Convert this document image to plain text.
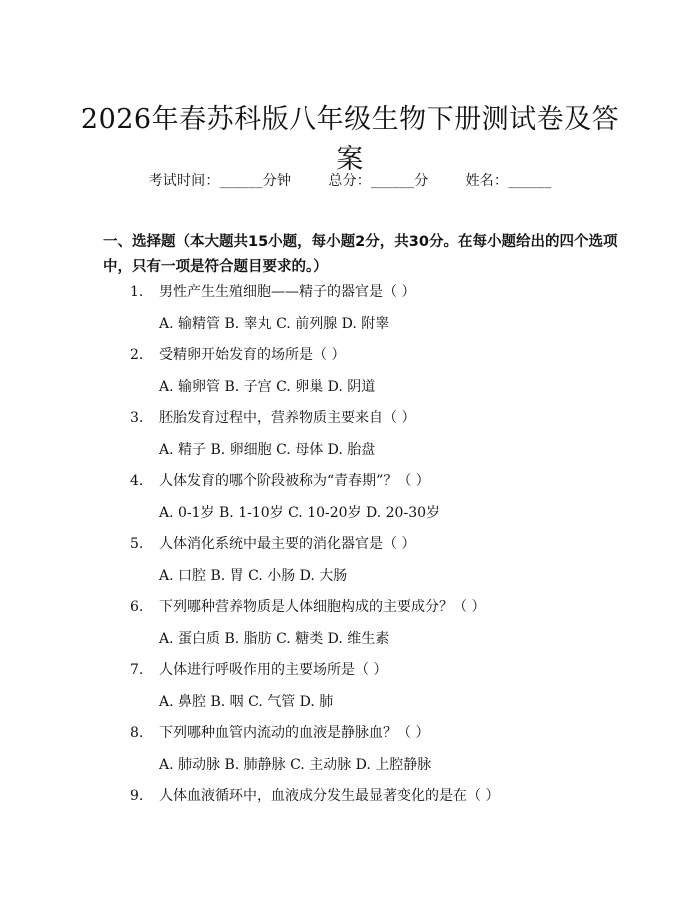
2026年春苏科版八年级生物下册测试卷及答案
考试时间：______分钟	总分：______分	姓名：______
一、选择题（本大题共15小题，每小题2分，共30分。在每小题给出的四个选项中，只有一项是符合题目要求的。）
1. 男性产生生殖细胞——精子的器官是（ ）
A. 输精管 B. 睾丸 C. 前列腺 D. 附睾
2. 受精卵开始发育的场所是（ ）
A. 输卵管 B. 子宫 C. 卵巢 D. 阴道
3. 胚胎发育过程中，营养物质主要来自（ ）
A. 精子 B. 卵细胞 C. 母体 D. 胎盘
4. 人体发育的哪个阶段被称为“青春期”？（ ）
A. 0-1岁 B. 1-10岁 C. 10-20岁 D. 20-30岁
5. 人体消化系统中最主要的消化器官是（ ）
A. 口腔 B. 胃 C. 小肠 D. 大肠
6. 下列哪种营养物质是人体细胞构成的主要成分？（ ）
A. 蛋白质 B. 脂肪 C. 糖类 D. 维生素
7. 人体进行呼吸作用的主要场所是（ ）
A. 鼻腔 B. 咽 C. 气管 D. 肺
8. 下列哪种血管内流动的血液是静脉血？（ ）
A. 肺动脉 B. 肺静脉 C. 主动脉 D. 上腔静脉
9. 人体血液循环中，血液成分发生最显著变化的是在（ ）
